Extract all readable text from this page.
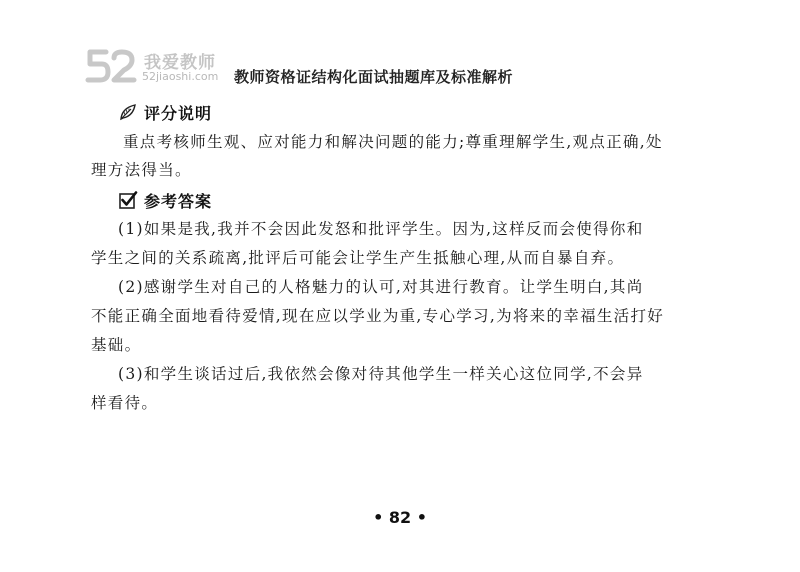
我爱教师
52jiaoshi.com 教师资格证结构化面试抽题库及标准解析
评分说明
重点考核师生观、应对能力和解决问题的能力;尊重理解学生,观点正确,处
理方法得当。
参考答案
(1)如果是我,我并不会因此发怒和批评学生。因为,这样反而会使得你和
学生之间的关系疏离,批评后可能会让学生产生抵触心理,从而自暴自弃。
(2)感谢学生对自己的人格魅力的认可,对其进行教育。让学生明白,其尚
不能正确全面地看待爱情,现在应以学业为重,专心学习,为将来的幸福生活打好
基础。
(3)和学生谈话过后,我依然会像对待其他学生一样关心这位同学,不会异
样看待。
• 82 •
